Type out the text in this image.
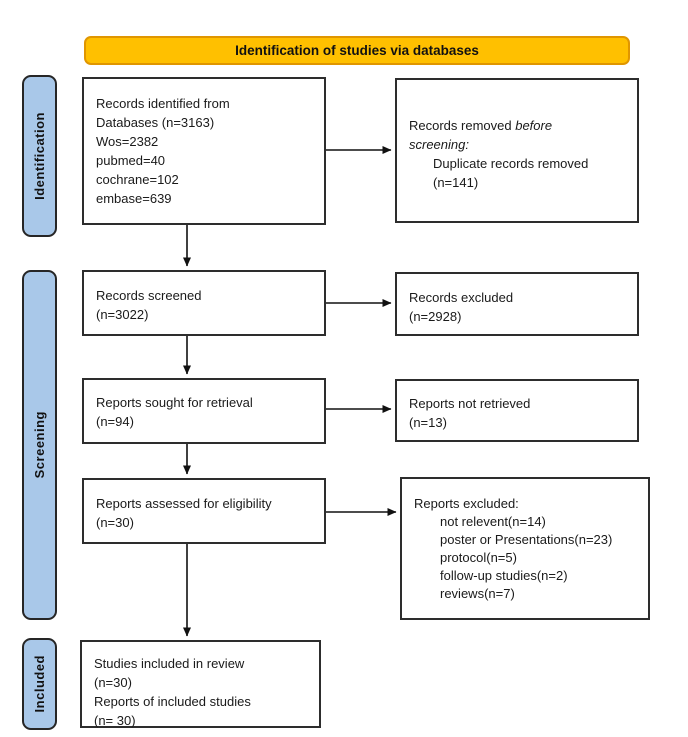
Identification of studies via databases
Identification
Screening
Included
Records identified from
Databases (n=3163)
Wos=2382
pubmed=40
cochrane=102
embase=639
Records removed before
screening:
Duplicate records removed
(n=141)
Records screened
(n=3022)
Records excluded
(n=2928)
Reports sought for retrieval
(n=94)
Reports not retrieved
(n=13)
Reports assessed for eligibility
(n=30)
Reports excluded:
not relevent(n=14)
poster or Presentations(n=23)
protocol(n=5)
follow-up studies(n=2)
reviews(n=7)
Studies included in review
(n=30)
Reports of included studies
(n= 30)
